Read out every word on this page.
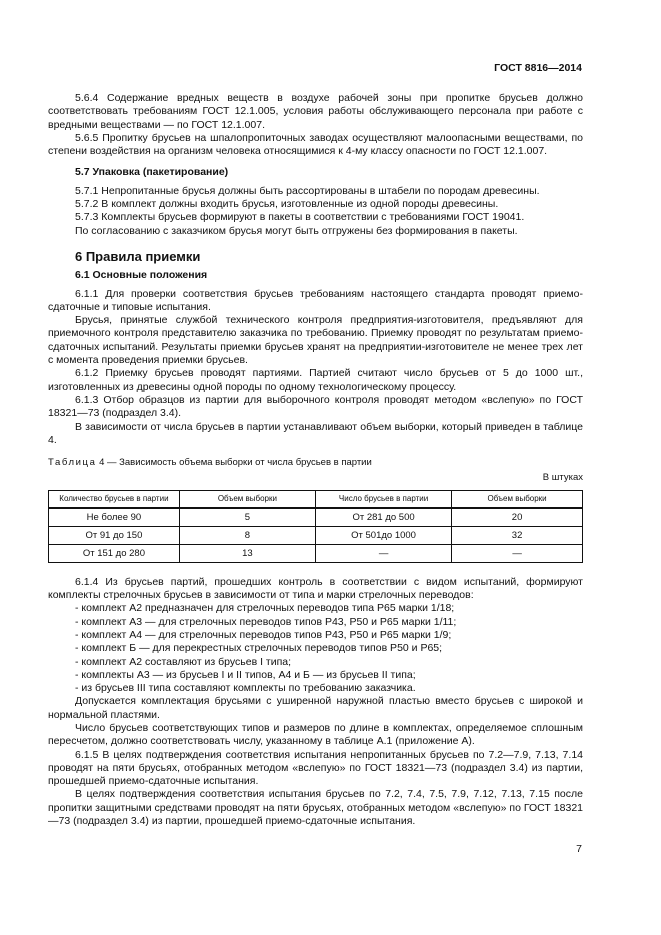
ГОСТ 8816—2014

5.6.4 Содержание вредных веществ в воздухе рабочей зоны при пропитке брусьев должно соответствовать требованиям ГОСТ 12.1.005, условия работы обслуживающего персонала при работе с вредными веществами — по ГОСТ 12.1.007.

5.6.5 Пропитку брусьев на шпалопропиточных заводах осуществляют малоопасными веществами, по степени воздействия на организм человека относящимися к 4-му классу опасности по ГОСТ 12.1.007.

5.7 Упаковка (пакетирование)

5.7.1 Непропитанные брусья должны быть рассортированы в штабели по породам древесины.

5.7.2 В комплект должны входить брусья, изготовленные из одной породы древесины.

5.7.3 Комплекты брусьев формируют в пакеты в соответствии с требованиями ГОСТ 19041.

По согласованию с заказчиком брусья могут быть отгружены без формирования в пакеты.

6 Правила приемки

6.1 Основные положения

6.1.1 Для проверки соответствия брусьев требованиям настоящего стандарта проводят приемо-сдаточные и типовые испытания.

Брусья, принятые службой технического контроля предприятия-изготовителя, предъявляют для приемочного контроля представителю заказчика по требованию. Приемку проводят по результатам приемо-сдаточных испытаний. Результаты приемки брусьев хранят на предприятии-изготовителе не менее трех лет с момента проведения приемки брусьев.

6.1.2 Приемку брусьев проводят партиями. Партией считают число брусьев от 5 до 1000 шт., изготовленных из древесины одной породы по одному технологическому процессу.

6.1.3 Отбор образцов из партии для выборочного контроля проводят методом «вслепую» по ГОСТ 18321—73 (подраздел 3.4).

В зависимости от числа брусьев в партии устанавливают объем выборки, который приведен в таблице 4.

Таблица 4 — Зависимость объема выборки от числа брусьев в партии

В штуках
Количество брусьев в партии	Объем выборки	Число брусьев в партии	Объем выборки
Не более 90	5	От 281 до 500	20
От 91 до 150	8	От 501до 1000	32
От 151 до 280	13	—	—

6.1.4 Из брусьев партий, прошедших контроль в соответствии с видом испытаний, формируют комплекты стрелочных брусьев в зависимости от типа и марки стрелочных переводов:

- комплект А2 предназначен для стрелочных переводов типа Р65 марки 1/18;

- комплект А3 — для стрелочных переводов типов Р43, Р50 и Р65 марки 1/11;

- комплект А4 — для стрелочных переводов типов Р43, Р50 и Р65 марки 1/9;

- комплект Б — для перекрестных стрелочных переводов типов Р50 и Р65;

- комплект А2 составляют из брусьев I типа;

- комплекты А3 — из брусьев I и II типов, А4 и Б — из брусьев II типа;

- из брусьев III типа составляют комплекты по требованию заказчика.

Допускается комплектация брусьями с уширенной наружной пластью вместо брусьев с широкой и нормальной пластями.

Число брусьев соответствующих типов и размеров по длине в комплектах, определяемое сплошным пересчетом, должно соответствовать числу, указанному в таблице А.1 (приложение А).

6.1.5 В целях подтверждения соответствия испытания непропитанных брусьев по 7.2—7.9, 7.13, 7.14 проводят на пяти брусьях, отобранных методом «вслепую» по ГОСТ 18321—73 (подраздел 3.4) из партии, прошедшей приемо-сдаточные испытания.

В целях подтверждения соответствия испытания брусьев по 7.2, 7.4, 7.5, 7.9, 7.12, 7.13, 7.15 после пропитки защитными средствами проводят на пяти брусьях, отобранных методом «вслепую» по ГОСТ 18321—73 (подраздел 3.4) из партии, прошедшей приемо-сдаточные испытания.

7
